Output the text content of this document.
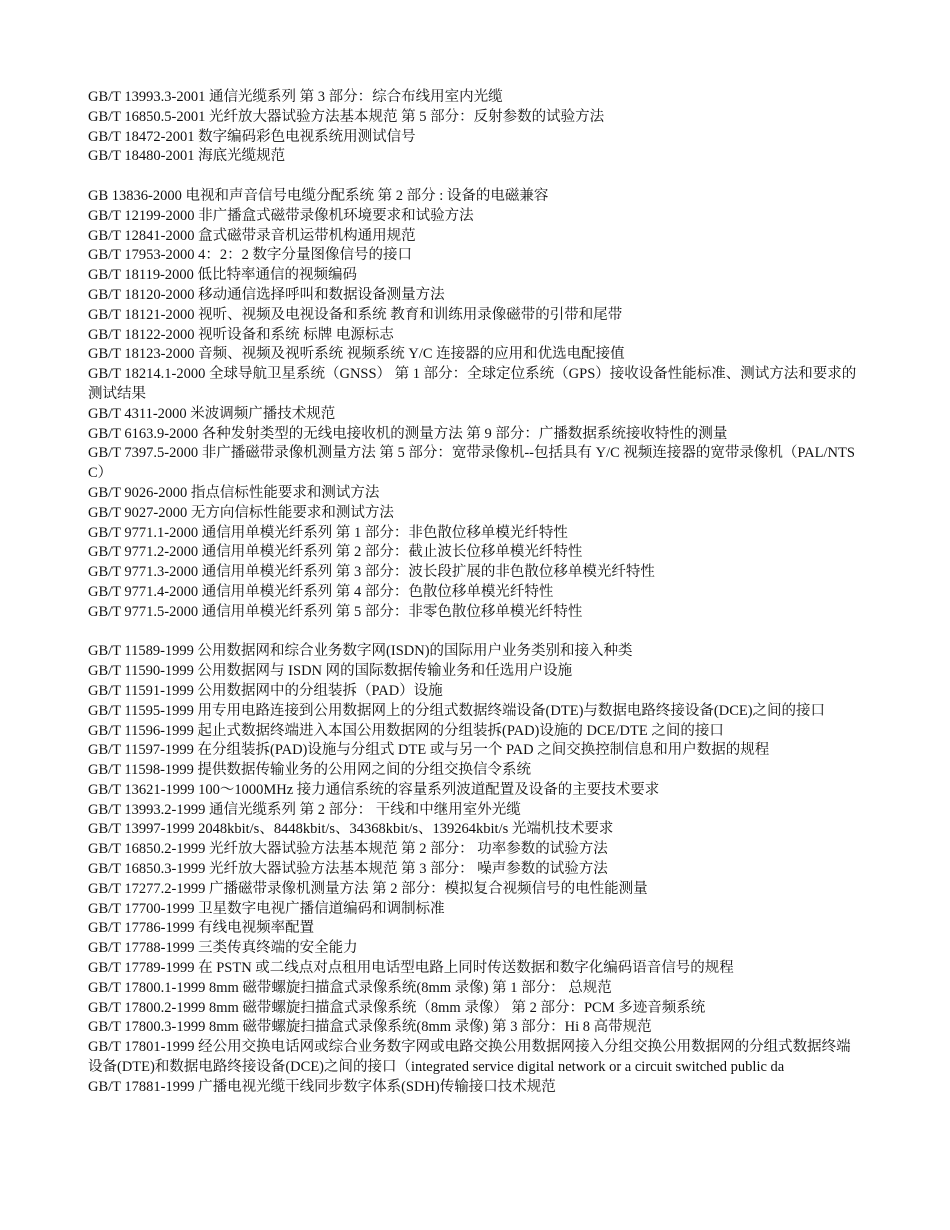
GB/T 13993.3-2001 通信光缆系列 第 3 部分：综合布线用室内光缆

GB/T 16850.5-2001 光纤放大器试验方法基本规范 第 5 部分：反射参数的试验方法

GB/T 18472-2001 数字编码彩色电视系统用测试信号

GB/T 18480-2001 海底光缆规范

GB 13836-2000 电视和声音信号电缆分配系统 第 2 部分 : 设备的电磁兼容

GB/T 12199-2000 非广播盒式磁带录像机环境要求和试验方法

GB/T 12841-2000 盒式磁带录音机运带机构通用规范

GB/T 17953-2000 4：2：2 数字分量图像信号的接口

GB/T 18119-2000 低比特率通信的视频编码

GB/T 18120-2000 移动通信选择呼叫和数据设备测量方法

GB/T 18121-2000 视听、视频及电视设备和系统 教育和训练用录像磁带的引带和尾带

GB/T 18122-2000 视听设备和系统 标牌 电源标志

GB/T 18123-2000 音频、视频及视听系统 视频系统 Y/C 连接器的应用和优选电配接值

GB/T 18214.1-2000 全球导航卫星系统（GNSS） 第 1 部分：全球定位系统（GPS）接收设备性能标准、测试方法和要求的测试结果

GB/T 4311-2000 米波调频广播技术规范

GB/T 6163.9-2000 各种发射类型的无线电接收机的测量方法 第 9 部分：广播数据系统接收特性的测量

GB/T 7397.5-2000 非广播磁带录像机测量方法 第 5 部分：宽带录像机--包括具有 Y/C 视频连接器的宽带录像机（PAL/NTSC）

GB/T 9026-2000 指点信标性能要求和测试方法

GB/T 9027-2000 无方向信标性能要求和测试方法

GB/T 9771.1-2000 通信用单模光纤系列 第 1 部分：非色散位移单模光纤特性

GB/T 9771.2-2000 通信用单模光纤系列 第 2 部分：截止波长位移单模光纤特性

GB/T 9771.3-2000 通信用单模光纤系列 第 3 部分：波长段扩展的非色散位移单模光纤特性

GB/T 9771.4-2000 通信用单模光纤系列 第 4 部分：色散位移单模光纤特性

GB/T 9771.5-2000 通信用单模光纤系列 第 5 部分：非零色散位移单模光纤特性

GB/T 11589-1999 公用数据网和综合业务数字网(ISDN)的国际用户业务类别和接入种类

GB/T 11590-1999 公用数据网与 ISDN 网的国际数据传输业务和任选用户设施

GB/T 11591-1999 公用数据网中的分组装拆（PAD）设施

GB/T 11595-1999 用专用电路连接到公用数据网上的分组式数据终端设备(DTE)与数据电路终接设备(DCE)之间的接口

GB/T 11596-1999 起止式数据终端进入本国公用数据网的分组装拆(PAD)设施的 DCE/DTE 之间的接口

GB/T 11597-1999 在分组装拆(PAD)设施与分组式 DTE 或与另一个 PAD 之间交换控制信息和用户数据的规程

GB/T 11598-1999 提供数据传输业务的公用网之间的分组交换信令系统

GB/T 13621-1999 100～1000MHz 接力通信系统的容量系列波道配置及设备的主要技术要求

GB/T 13993.2-1999 通信光缆系列 第 2 部分： 干线和中继用室外光缆

GB/T 13997-1999 2048kbit/s、8448kbit/s、34368kbit/s、139264kbit/s 光端机技术要求

GB/T 16850.2-1999 光纤放大器试验方法基本规范 第 2 部分： 功率参数的试验方法

GB/T 16850.3-1999 光纤放大器试验方法基本规范 第 3 部分： 噪声参数的试验方法

GB/T 17277.2-1999 广播磁带录像机测量方法 第 2 部分：模拟复合视频信号的电性能测量

GB/T 17700-1999 卫星数字电视广播信道编码和调制标准

GB/T 17786-1999 有线电视频率配置

GB/T 17788-1999 三类传真终端的安全能力

GB/T 17789-1999 在 PSTN 或二线点对点租用电话型电路上同时传送数据和数字化编码语音信号的规程

GB/T 17800.1-1999 8mm 磁带螺旋扫描盒式录像系统(8mm 录像) 第 1 部分： 总规范

GB/T 17800.2-1999 8mm 磁带螺旋扫描盒式录像系统（8mm 录像） 第 2 部分：PCM 多迹音频系统

GB/T 17800.3-1999 8mm 磁带螺旋扫描盒式录像系统(8mm 录像) 第 3 部分：Hi 8 高带规范

GB/T 17801-1999 经公用交换电话网或综合业务数字网或电路交换公用数据网接入分组交换公用数据网的分组式数据终端设备(DTE)和数据电路终接设备(DCE)之间的接口（integrated service digital network or a circuit switched public da

GB/T 17881-1999 广播电视光缆干线同步数字体系(SDH)传输接口技术规范
